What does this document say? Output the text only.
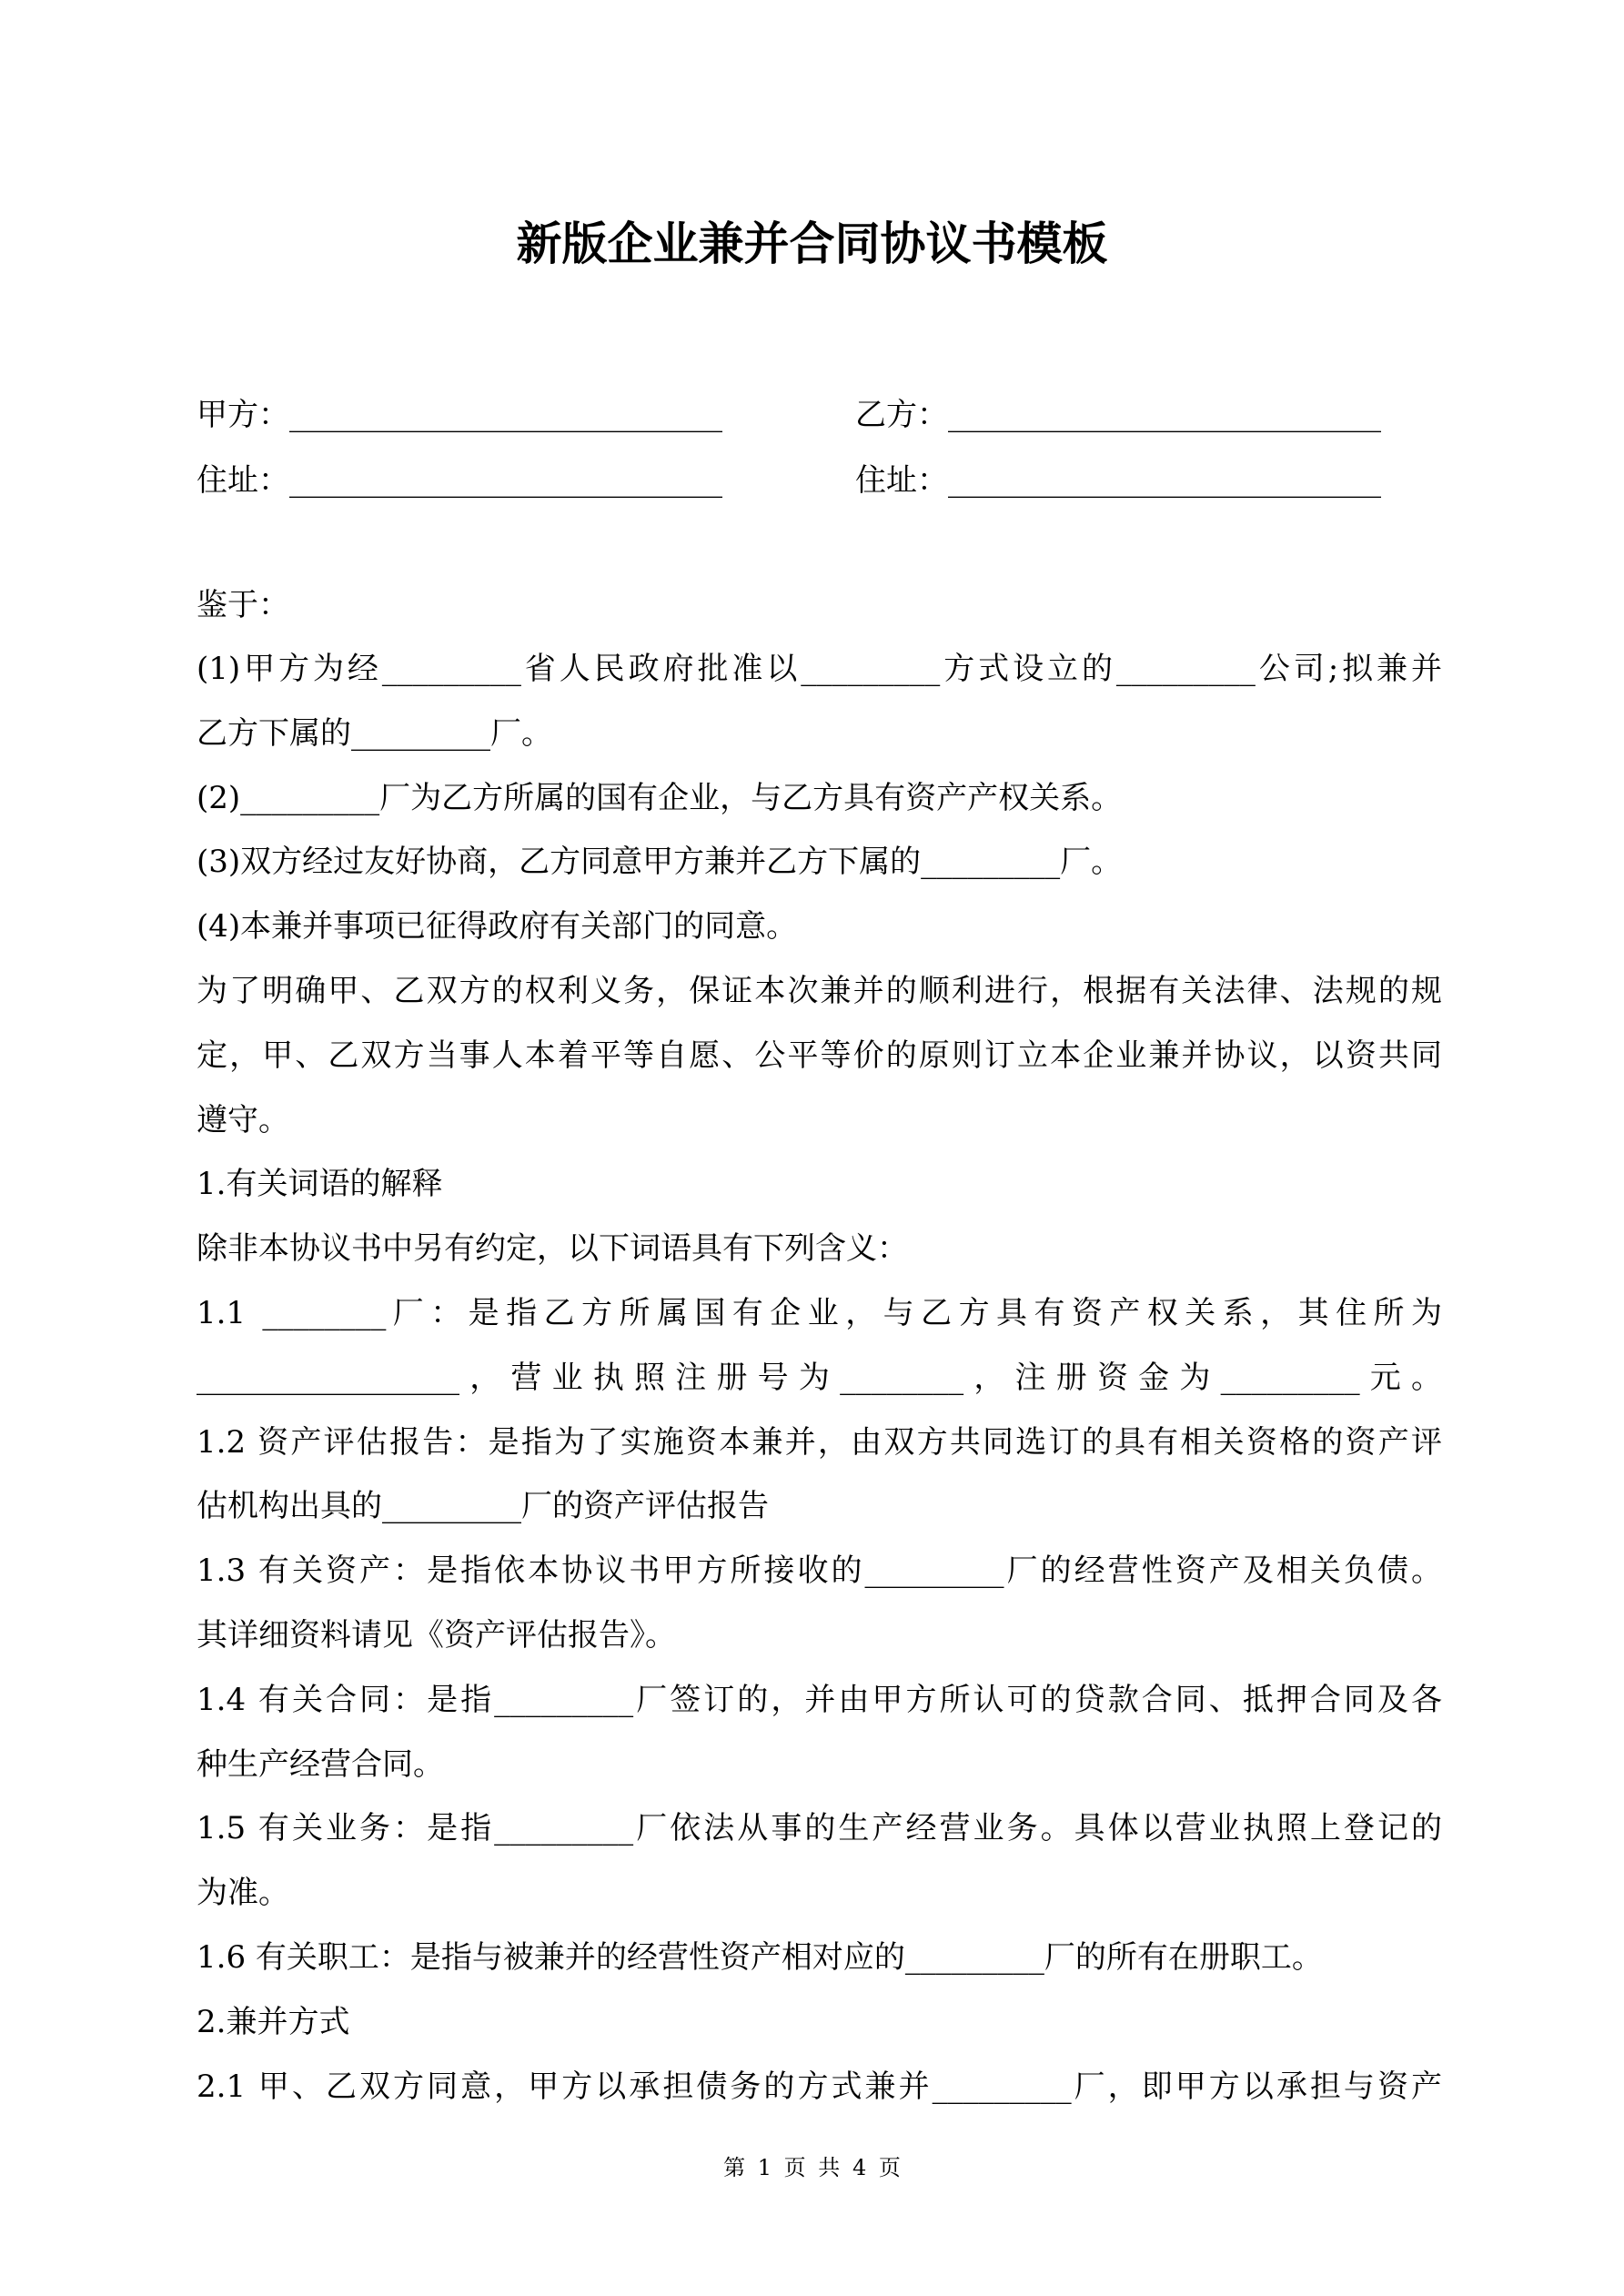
新版企业兼并合同协议书模板
甲方：____________________________	乙方：____________________________
住址：____________________________	住址：____________________________
鉴于：
(1)甲方为经_________省人民政府批准以_________方式设立的_________公司;拟兼并
乙方下属的_________厂。
(2)_________厂为乙方所属的国有企业，与乙方具有资产产权关系。
(3)双方经过友好协商，乙方同意甲方兼并乙方下属的_________厂。
(4)本兼并事项已征得政府有关部门的同意。
为了明确甲、乙双方的权利义务，保证本次兼并的顺利进行，根据有关法律、法规的规
定，甲、乙双方当事人本着平等自愿、公平等价的原则订立本企业兼并协议，以资共同
遵守。
1.有关词语的解释
除非本协议书中另有约定，以下词语具有下列含义：
1.1 ________厂：是指乙方所属国有企业，与乙方具有资产权关系，其住所为
_________________，营业执照注册号为________，注册资金为_________元。
1.2 资产评估报告：是指为了实施资本兼并，由双方共同选订的具有相关资格的资产评
估机构出具的_________厂的资产评估报告
1.3 有关资产：是指依本协议书甲方所接收的_________厂的经营性资产及相关负债。
其详细资料请见《资产评估报告》。
1.4 有关合同：是指_________厂签订的，并由甲方所认可的贷款合同、抵押合同及各
种生产经营合同。
1.5 有关业务：是指_________厂依法从事的生产经营业务。具体以营业执照上登记的
为准。
1.6 有关职工：是指与被兼并的经营性资产相对应的_________厂的所有在册职工。
2.兼并方式
2.1 甲、乙双方同意，甲方以承担债务的方式兼并_________厂，即甲方以承担与资产
第 1 页 共 4 页
